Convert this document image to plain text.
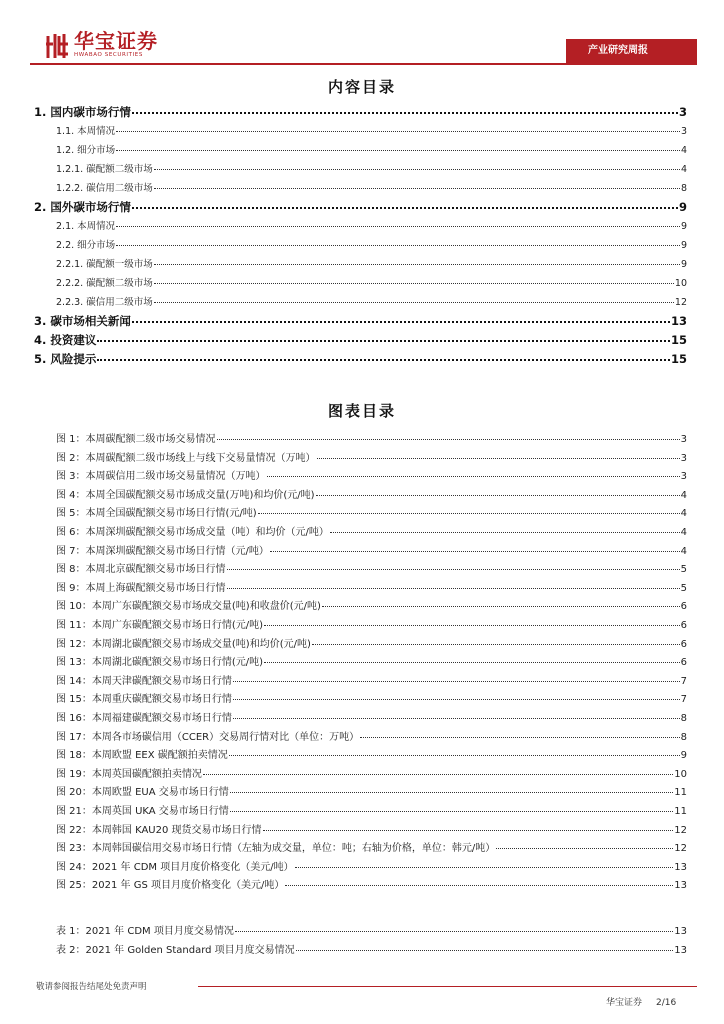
华宝证券
HWABAO SECURITIES	产业研究周报
内容目录
1. 国内碳市场行情	3
1.1. 本周情况	3
1.2. 细分市场	4
1.2.1. 碳配额二级市场	4
1.2.2. 碳信用二级市场	8
2. 国外碳市场行情	9
2.1. 本周情况	9
2.2. 细分市场	9
2.2.1. 碳配额一级市场	9
2.2.2. 碳配额二级市场	10
2.2.3. 碳信用二级市场	12
3. 碳市场相关新闻	13
4. 投资建议	15
5. 风险提示	15
图表目录
图 1：本周碳配额二级市场交易情况	3
图 2：本周碳配额二级市场线上与线下交易量情况（万吨）	3
图 3：本周碳信用二级市场交易量情况（万吨）	3
图 4：本周全国碳配额交易市场成交量(万吨)和均价(元/吨)	4
图 5：本周全国碳配额交易市场日行情(元/吨)	4
图 6：本周深圳碳配额交易市场成交量（吨）和均价（元/吨）	4
图 7：本周深圳碳配额交易市场日行情（元/吨）	4
图 8：本周北京碳配额交易市场日行情	5
图 9：本周上海碳配额交易市场日行情	5
图 10：本周广东碳配额交易市场成交量(吨)和收盘价(元/吨)	6
图 11：本周广东碳配额交易市场日行情(元/吨)	6
图 12：本周湖北碳配额交易市场成交量(吨)和均价(元/吨)	6
图 13：本周湖北碳配额交易市场日行情(元/吨)	6
图 14：本周天津碳配额交易市场日行情	7
图 15：本周重庆碳配额交易市场日行情	7
图 16：本周福建碳配额交易市场日行情	8
图 17：本周各市场碳信用（CCER）交易周行情对比（单位：万吨）	8
图 18：本周欧盟 EEX 碳配额拍卖情况	9
图 19：本周英国碳配额拍卖情况	10
图 20：本周欧盟 EUA 交易市场日行情	11
图 21：本周英国 UKA 交易市场日行情	11
图 22：本周韩国 KAU20 现货交易市场日行情	12
图 23：本周韩国碳信用交易市场日行情（左轴为成交量，单位：吨；右轴为价格，单位：韩元/吨）	12
图 24：2021 年 CDM 项目月度价格变化（美元/吨）	13
图 25：2021 年 GS 项目月度价格变化（美元/吨）	13
表 1：2021 年 CDM 项目月度交易情况	13
表 2：2021 年 Golden Standard 项目月度交易情况	13
敬请参阅报告结尾处免责声明
华宝证券 2/16
